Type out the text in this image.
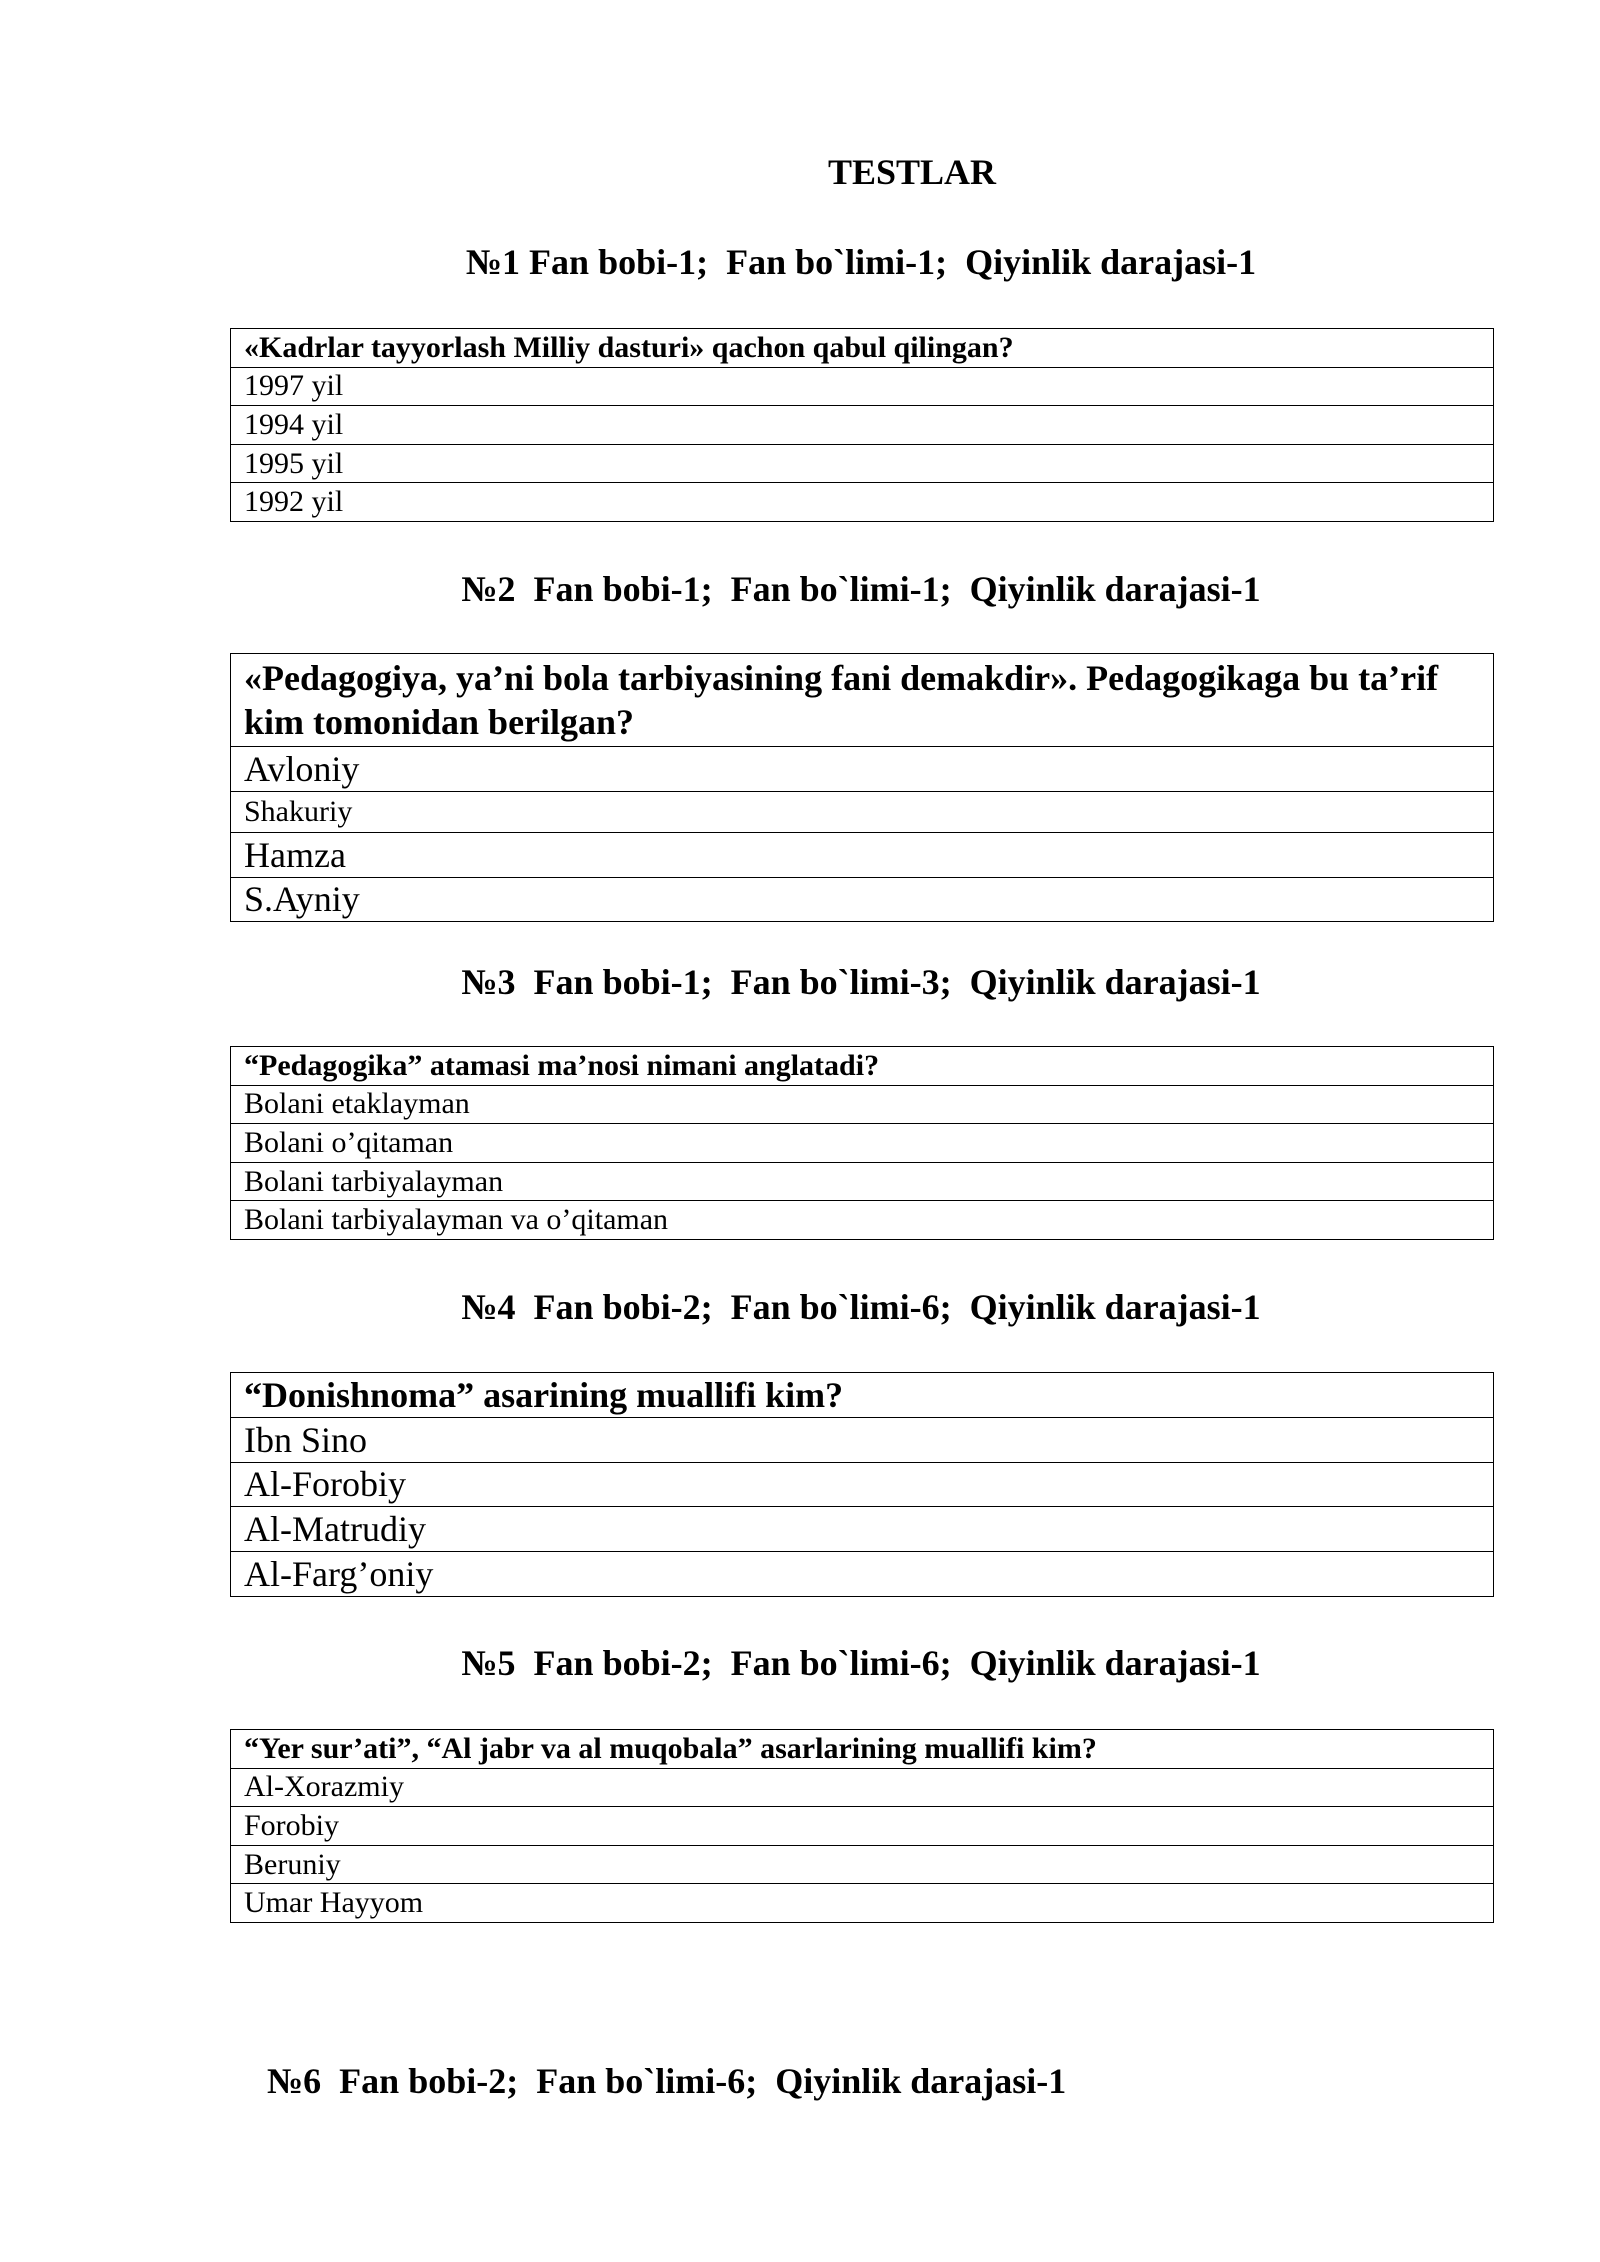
TESTLAR
№1 Fan bobi-1;  Fan bo`limi-1;  Qiyinlik darajasi-1
«Kadrlar tayyorlash Milliy dasturi» qachon qabul qilingan?
1997 yil
1994 yil
1995 yil
1992 yil
№2  Fan bobi-1;  Fan bo`limi-1;  Qiyinlik darajasi-1
«Pedagogiya, ya’ni bola tarbiyasining fani demakdir». Pedagogikaga bu ta’rif kim tomonidan berilgan?
Avloniy
Shakuriy
Hamza
S.Ayniy
№3  Fan bobi-1;  Fan bo`limi-3;  Qiyinlik darajasi-1
“Pedagogika” atamasi ma’nosi nimani anglatadi?
Bolani etaklayman
Bolani o’qitaman
Bolani tarbiyalayman
Bolani tarbiyalayman va o’qitaman
№4  Fan bobi-2;  Fan bo`limi-6;  Qiyinlik darajasi-1
“Donishnoma” asarining muallifi kim?
Ibn Sino
Al-Forobiy
Al-Matrudiy
Al-Farg’oniy
№5  Fan bobi-2;  Fan bo`limi-6;  Qiyinlik darajasi-1
“Yer sur’ati”, “Al jabr va al muqobala” asarlarining muallifi kim?
Al-Xorazmiy
Forobiy
Beruniy
Umar Hayyom
№6  Fan bobi-2;  Fan bo`limi-6;  Qiyinlik darajasi-1
